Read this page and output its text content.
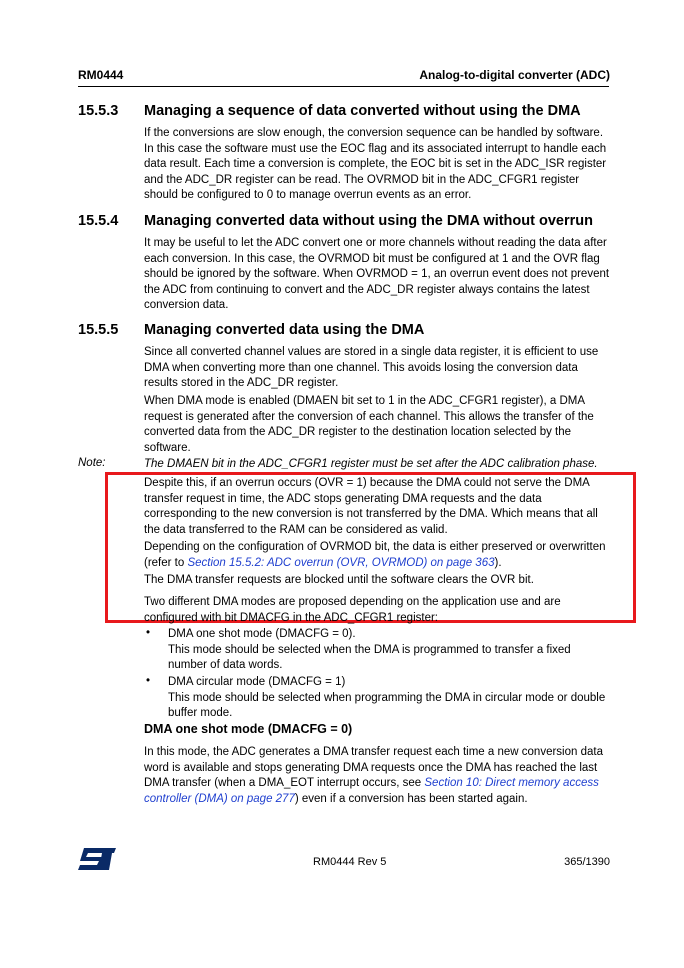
RM0444	Analog-to-digital converter (ADC)
15.5.3 Managing a sequence of data converted without using the DMA

If the conversions are slow enough, the conversion sequence can be handled by software. In this case the software must use the EOC flag and its associated interrupt to handle each data result. Each time a conversion is complete, the EOC bit is set in the ADC_ISR register and the ADC_DR register can be read. The OVRMOD bit in the ADC_CFGR1 register should be configured to 0 to manage overrun events as an error.

15.5.4 Managing converted data without using the DMA without overrun

It may be useful to let the ADC convert one or more channels without reading the data after each conversion. In this case, the OVRMOD bit must be configured at 1 and the OVR flag should be ignored by the software. When OVRMOD = 1, an overrun event does not prevent the ADC from continuing to convert and the ADC_DR register always contains the latest conversion data.

15.5.5 Managing converted data using the DMA

Since all converted channel values are stored in a single data register, it is efficient to use DMA when converting more than one channel. This avoids losing the conversion data results stored in the ADC_DR register.

When DMA mode is enabled (DMAEN bit set to 1 in the ADC_CFGR1 register), a DMA request is generated after the conversion of each channel. This allows the transfer of the converted data from the ADC_DR register to the destination location selected by the software.

Note:	The DMAEN bit in the ADC_CFGR1 register must be set after the ADC calibration phase.

Despite this, if an overrun occurs (OVR = 1) because the DMA could not serve the DMA transfer request in time, the ADC stops generating DMA requests and the data corresponding to the new conversion is not transferred by the DMA. Which means that all the data transferred to the RAM can be considered as valid.

Depending on the configuration of OVRMOD bit, the data is either preserved or overwritten (refer to Section 15.5.2: ADC overrun (OVR, OVRMOD) on page 363).

The DMA transfer requests are blocked until the software clears the OVR bit.

Two different DMA modes are proposed depending on the application use and are configured with bit DMACFG in the ADC_CFGR1 register:

• DMA one shot mode (DMACFG = 0).
This mode should be selected when the DMA is programmed to transfer a fixed number of data words.

• DMA circular mode (DMACFG = 1)
This mode should be selected when programming the DMA in circular mode or double buffer mode.

DMA one shot mode (DMACFG = 0)

In this mode, the ADC generates a DMA transfer request each time a new conversion data word is available and stops generating DMA requests once the DMA has reached the last DMA transfer (when a DMA_EOT interrupt occurs, see Section 10: Direct memory access controller (DMA) on page 277) even if a conversion has been started again.

RM0444 Rev 5	365/1390
